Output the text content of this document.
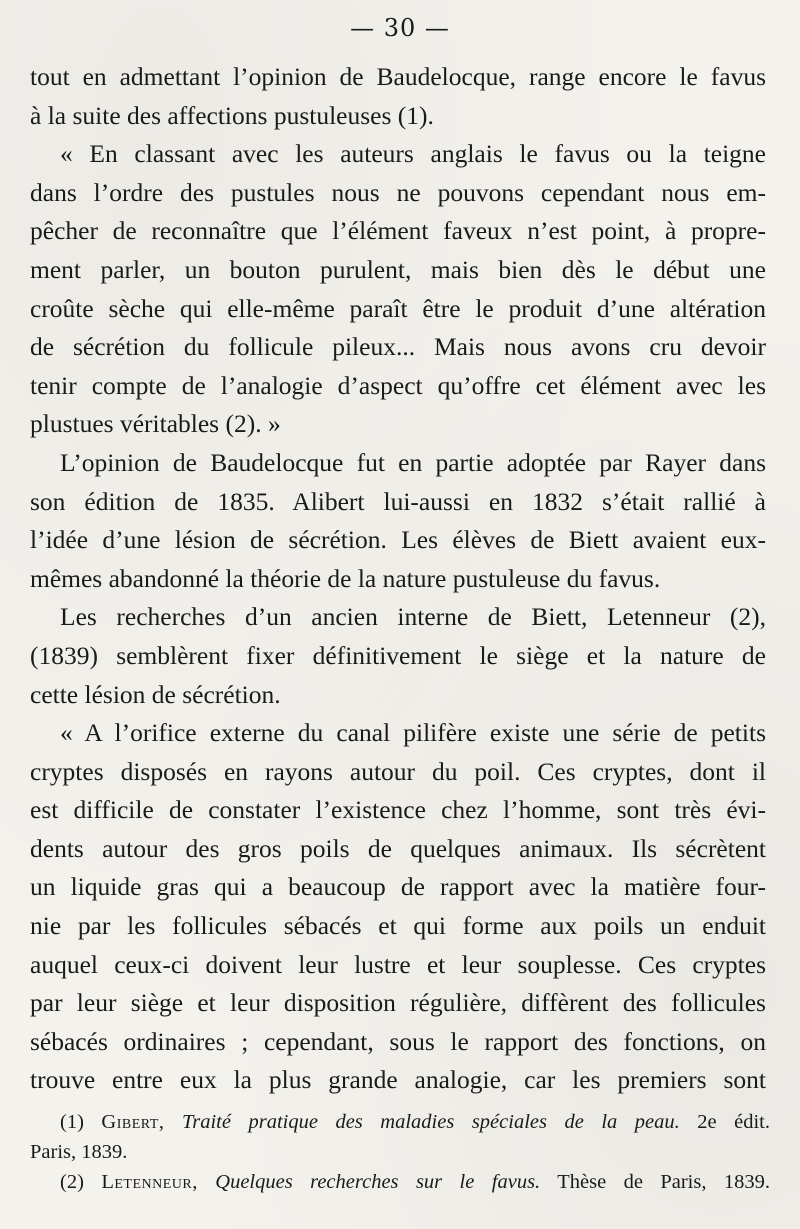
— 30 —

tout en admettant l’opinion de Baudelocque, range encore le favus
à la suite des affections pustuleuses (1).

« En classant avec les auteurs anglais le favus ou la teigne
dans l’ordre des pustules nous ne pouvons cependant nous em-
pêcher de reconnaître que l’élément faveux n’est point, à propre-
ment parler, un bouton purulent, mais bien dès le début une
croûte sèche qui elle-même paraît être le produit d’une altération
de sécrétion du follicule pileux... Mais nous avons cru devoir
tenir compte de l’analogie d’aspect qu’offre cet élément avec les
plustues véritables (2). »

L’opinion de Baudelocque fut en partie adoptée par Rayer dans
son édition de 1835. Alibert lui-aussi en 1832 s’était rallié à
l’idée d’une lésion de sécrétion. Les élèves de Biett avaient eux-
mêmes abandonné la théorie de la nature pustuleuse du favus.

Les recherches d’un ancien interne de Biett, Letenneur (2),
(1839) semblèrent fixer définitivement le siège et la nature de
cette lésion de sécrétion.

« A l’orifice externe du canal pilifère existe une série de petits
cryptes disposés en rayons autour du poil. Ces cryptes, dont il
est difficile de constater l’existence chez l’homme, sont très évi-
dents autour des gros poils de quelques animaux. Ils sécrètent
un liquide gras qui a beaucoup de rapport avec la matière four-
nie par les follicules sébacés et qui forme aux poils un enduit
auquel ceux-ci doivent leur lustre et leur souplesse. Ces cryptes
par leur siège et leur disposition régulière, diffèrent des follicules
sébacés ordinaires ; cependant, sous le rapport des fonctions, on
trouve entre eux la plus grande analogie, car les premiers sont

(1) Gibert, Traité pratique des maladies spéciales de la peau. 2e édit.
Paris, 1839.
(2) Letenneur, Quelques recherches sur le favus. Thèse de Paris, 1839.
